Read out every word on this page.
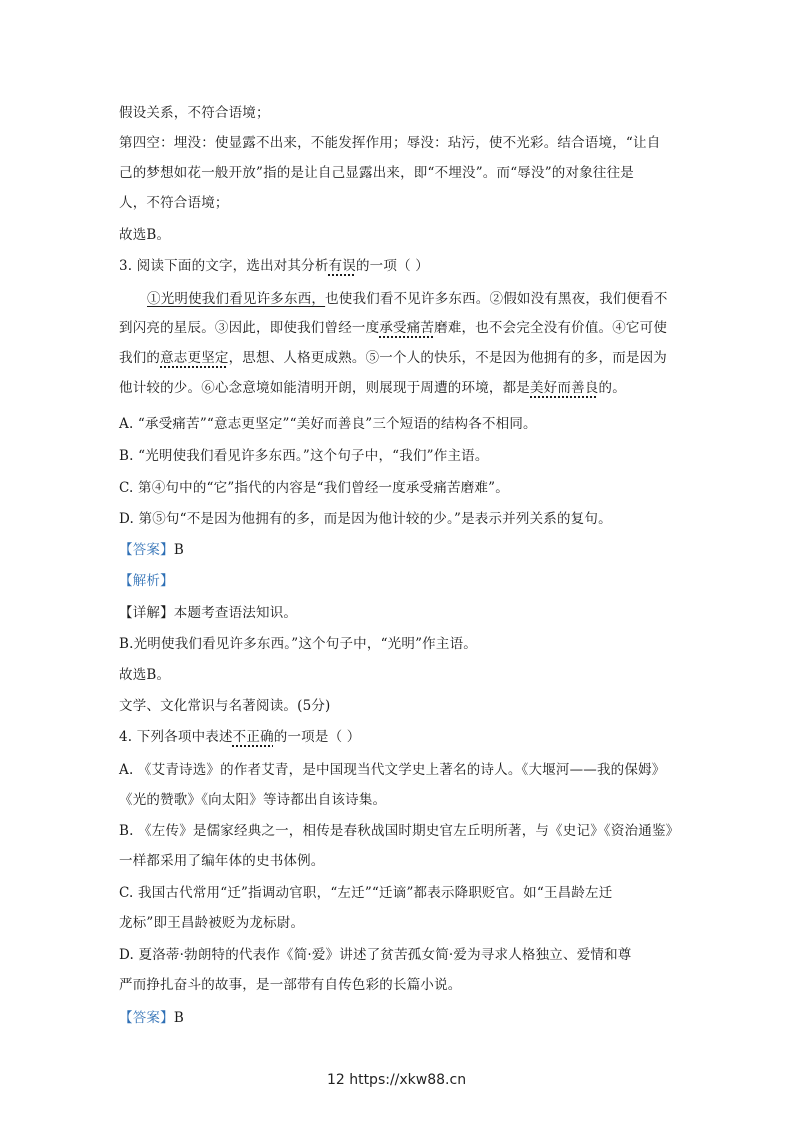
假设关系，不符合语境；
第四空：埋没：使显露不出来，不能发挥作用；辱没：玷污，使不光彩。结合语境，“让自
己的梦想如花一般开放”指的是让自己显露出来，即“不埋没”。而“辱没”的对象往往是
人，不符合语境；
故选B。
3. 阅读下面的文字，选出对其分析有误的一项（ ）
①光明使我们看见许多东西，也使我们看不见许多东西。②假如没有黑夜，我们便看不
到闪亮的星辰。③因此，即使我们曾经一度承受痛苦磨难，也不会完全没有价值。④它可使
我们的意志更坚定，思想、人格更成熟。⑤一个人的快乐，不是因为他拥有的多，而是因为
他计较的少。⑥心念意境如能清明开朗，则展现于周遭的环境，都是美好而善良的。
A. “承受痛苦”“意志更坚定”“美好而善良”三个短语的结构各不相同。
B. “光明使我们看见许多东西。”这个句子中，“我们”作主语。
C. 第④句中的“它”指代的内容是“我们曾经一度承受痛苦磨难”。
D. 第⑤句“不是因为他拥有的多，而是因为他计较的少。”是表示并列关系的复句。
【答案】B
【解析】
【详解】本题考查语法知识。
B.光明使我们看见许多东西。”这个句子中，“光明”作主语。
故选B。
文学、文化常识与名著阅读。(5分)
4. 下列各项中表述不正确的一项是（ ）
A. 《艾青诗选》的作者艾青，是中国现当代文学史上著名的诗人。《大堰河——我的保姆》
《光的赞歌》《向太阳》等诗都出自该诗集。
B. 《左传》是儒家经典之一，相传是春秋战国时期史官左丘明所著，与《史记》《资治通鉴》
一样都采用了编年体的史书体例。
C. 我国古代常用“迁”指调动官职，“左迁”“迁谪”都表示降职贬官。如“王昌龄左迁
龙标”即王昌龄被贬为龙标尉。
D. 夏洛蒂·勃朗特的代表作《简·爱》讲述了贫苦孤女简·爱为寻求人格独立、爱情和尊
严而挣扎奋斗的故事，是一部带有自传色彩的长篇小说。
【答案】B
12 https://xkw88.cn
